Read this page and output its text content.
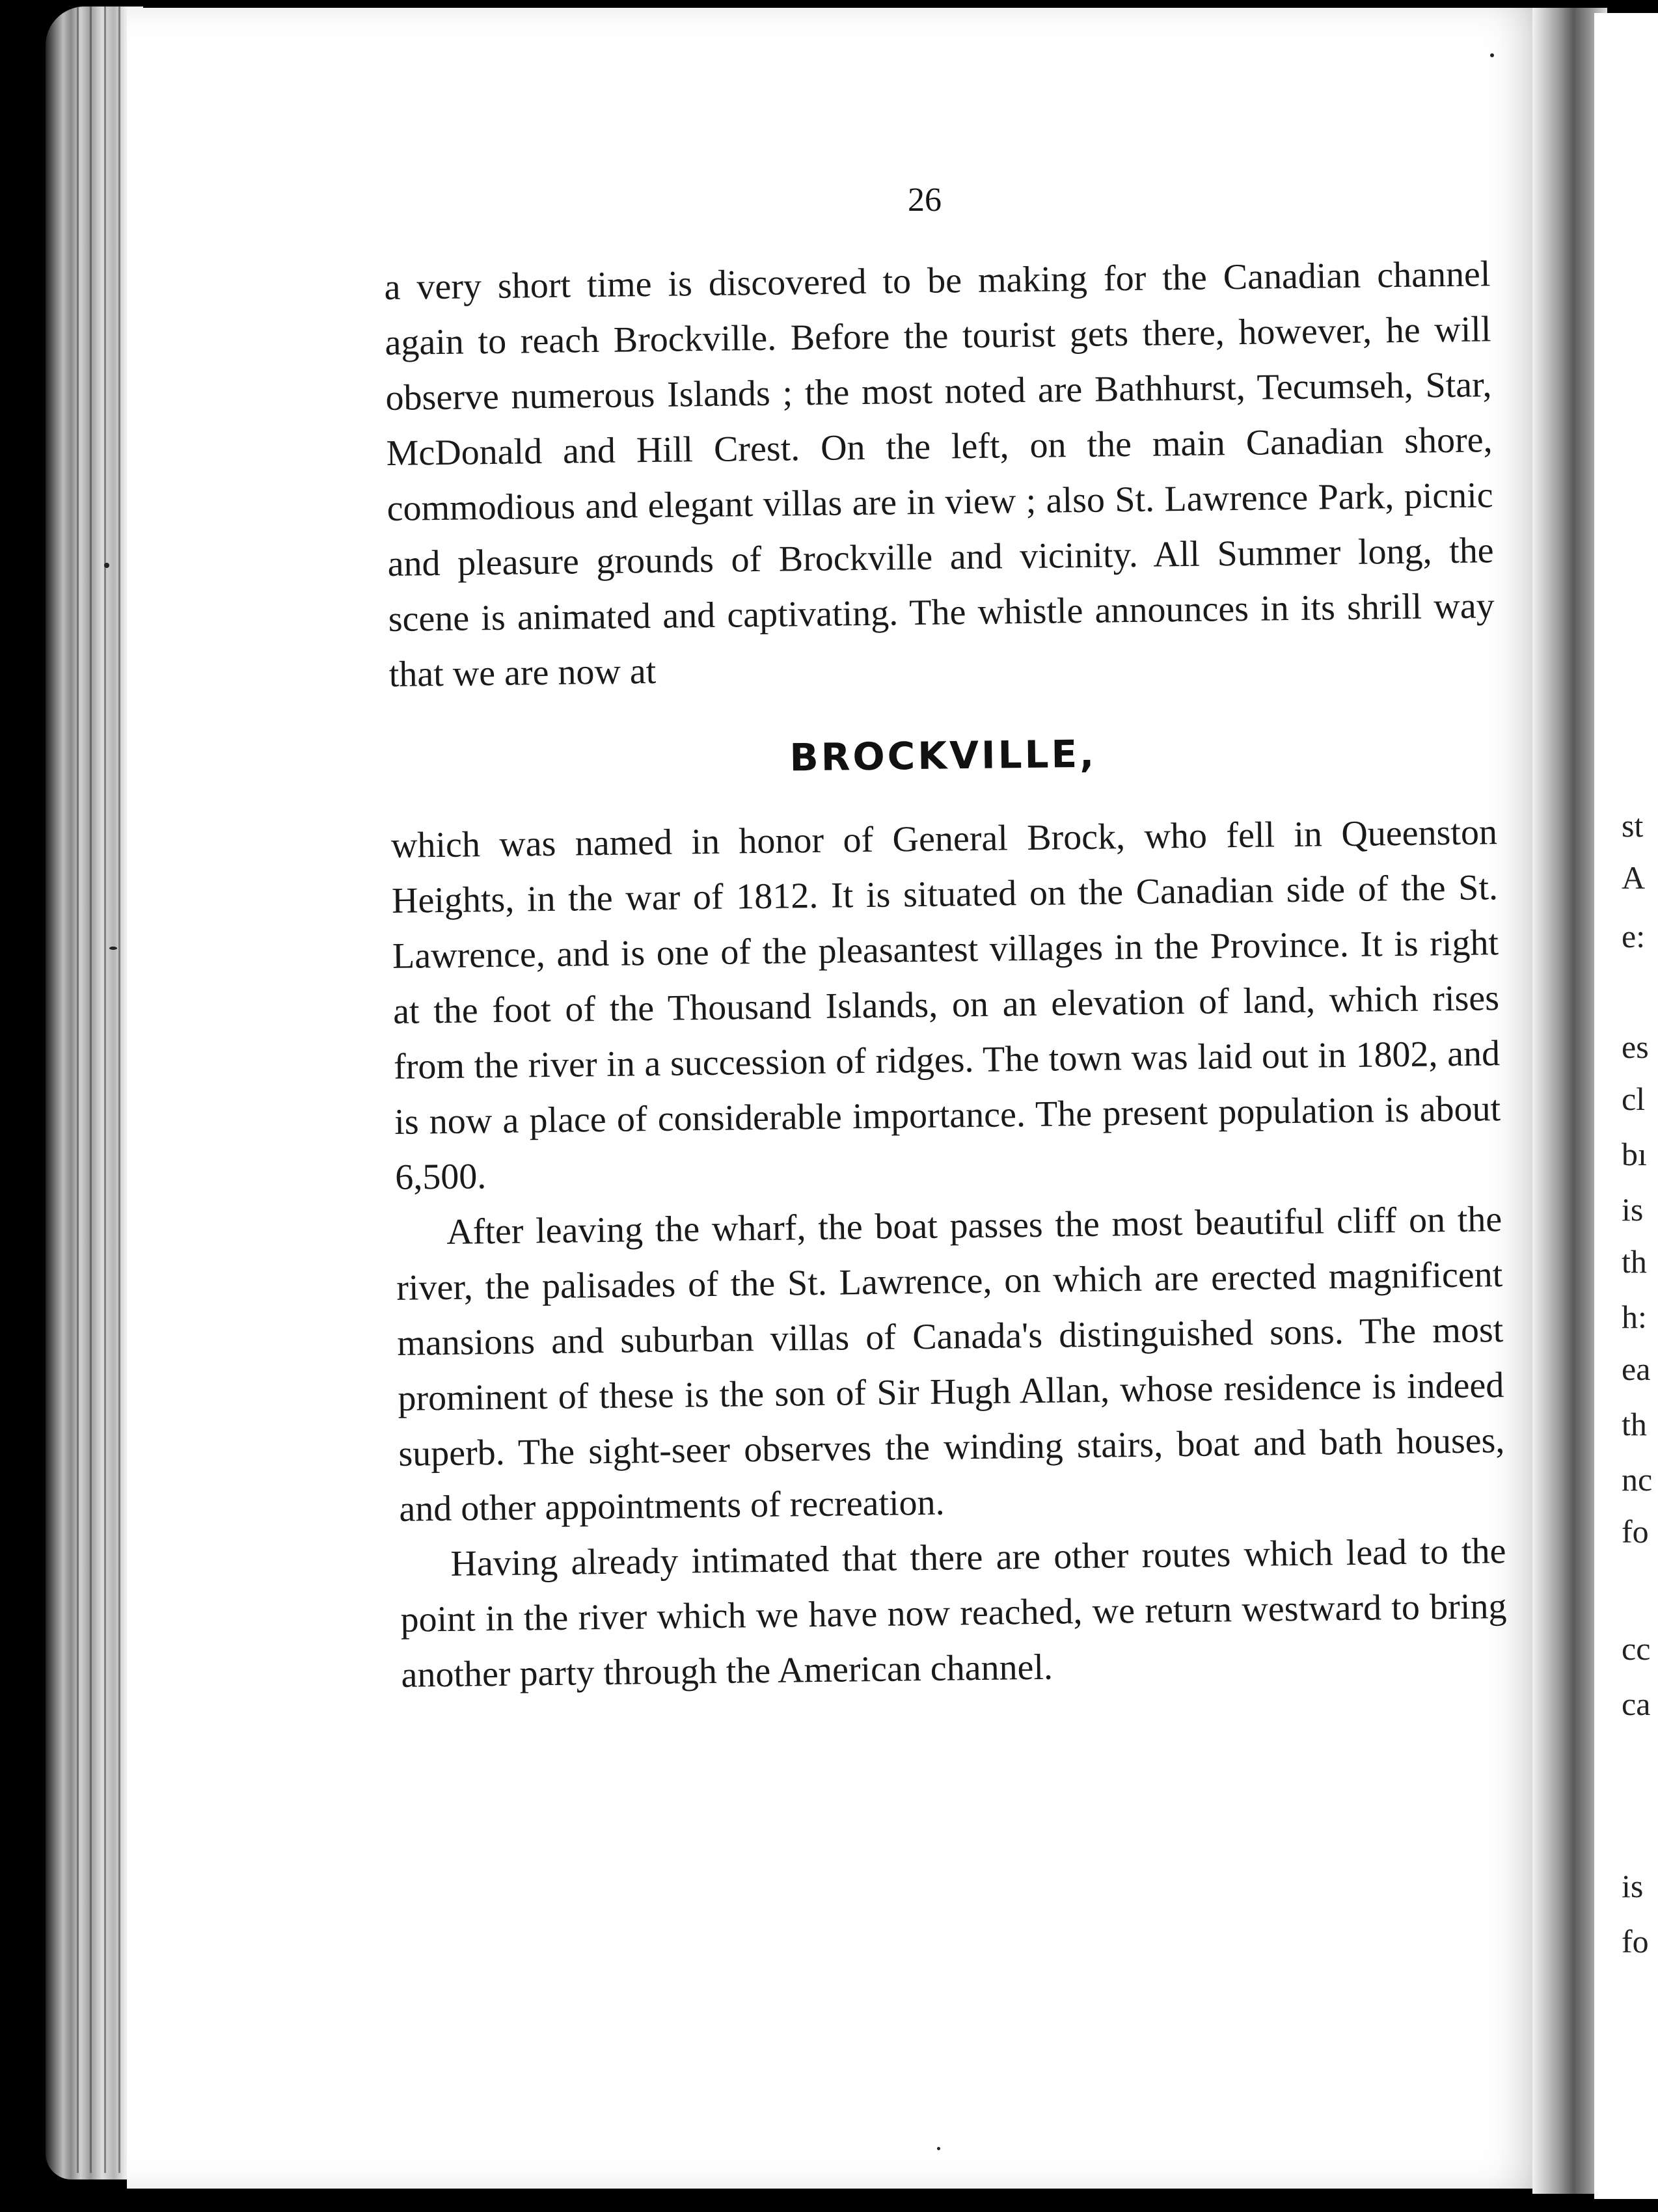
26

a very short time is discovered to be making for the Canadian channel again to reach Brockville. Before the tourist gets there, however, he will observe numerous Islands ; the most noted are Bathhurst, Tecumseh, Star, McDonald and Hill Crest. On the left, on the main Canadian shore, commodious and elegant villas are in view ; also St. Lawrence Park, picnic and pleasure grounds of Brockville and vicinity. All Summer long, the scene is animated and captivating. The whistle announces in its shrill way that we are now at

BROCKVILLE,

which was named in honor of General Brock, who fell in Queenston Heights, in the war of 1812. It is situated on the Canadian side of the St. Lawrence, and is one of the pleasantest villages in the Province. It is right at the foot of the Thousand Islands, on an elevation of land, which rises from the river in a succession of ridges. The town was laid out in 1802, and is now a place of considerable importance. The present population is about 6,500.

After leaving the wharf, the boat passes the most beautiful cliff on the river, the palisades of the St. Lawrence, on which are erected magnificent mansions and suburban villas of Canada's distinguished sons. The most prominent of these is the son of Sir Hugh Allan, whose residence is indeed superb. The sight-seer observes the winding stairs, boat and bath houses, and other appointments of recreation.

Having already intimated that there are other routes which lead to the point in the river which we have now reached, we return westward to bring another party through the American channel.

st
A
e:
es
cl
bı
is
th
h:
ea
th
nc
fo
cc
ca
is
fo
